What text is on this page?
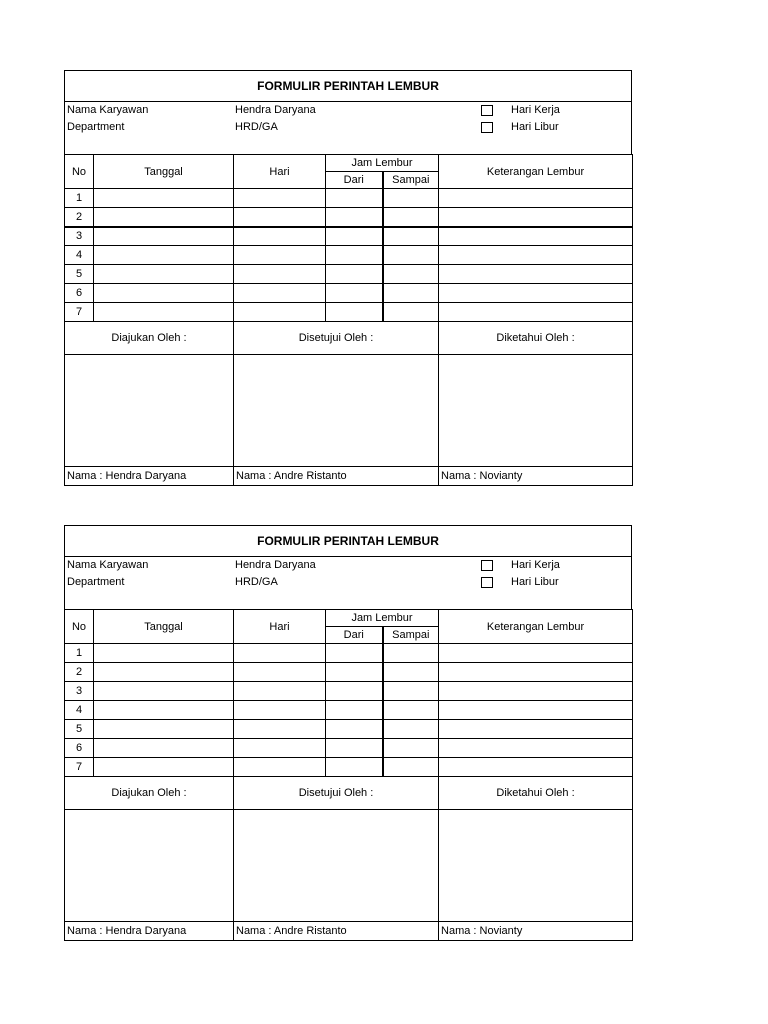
FORMULIR PERINTAH LEMBUR
Nama Karyawan	Hendra Daryana
Department	HRD/GA
Hari Kerja
Hari Libur
No	Tanggal	Hari	Jam Lembur		Keterangan Lembur
			Dari	Sampai	
1					
2					
3					
4					
5					
6					
7					
Diajukan Oleh :		Disetujui Oleh :			Diketahui Oleh :

Nama : Hendra Daryana		Nama : Andre Ristanto			Nama : Novianty
FORMULIR PERINTAH LEMBUR
Nama Karyawan	Hendra Daryana
Department	HRD/GA
Hari Kerja
Hari Libur
No	Tanggal	Hari	Jam Lembur		Keterangan Lembur
			Dari	Sampai	
1					
2					
3					
4					
5					
6					
7					
Diajukan Oleh :		Disetujui Oleh :			Diketahui Oleh :

Nama : Hendra Daryana		Nama : Andre Ristanto			Nama : Novianty
